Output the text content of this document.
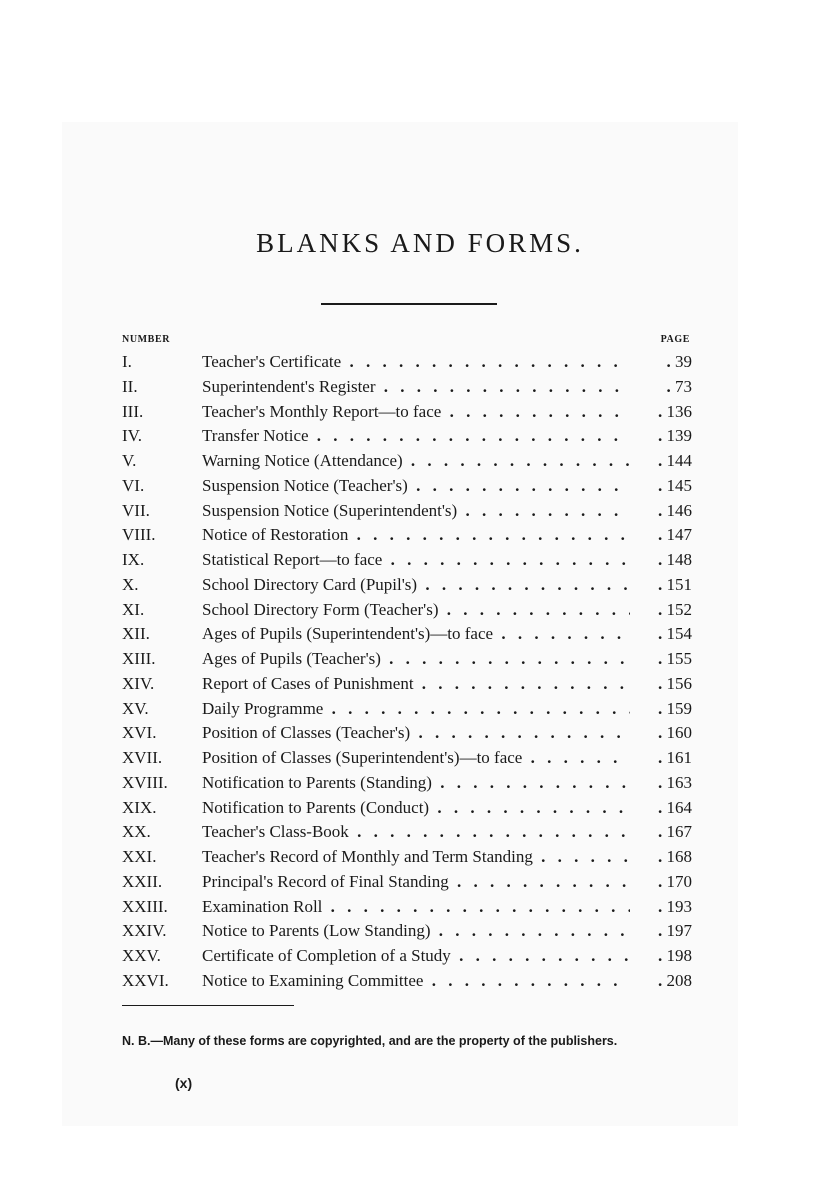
BLANKS AND FORMS.
NUMBER	PAGE
I.	Teacher's Certificate . .	. 39
II.	Superintendent's Register . .	. 73
III.	Teacher's Monthly Report—to face . .	. 136
IV.	Transfer Notice . .	. 139
V.	Warning Notice (Attendance) . .	. 144
VI.	Suspension Notice (Teacher's) . .	. 145
VII.	Suspension Notice (Superintendent's) . .	. 146
VIII.	Notice of Restoration . .	. 147
IX.	Statistical Report—to face . .	. 148
X.	School Directory Card (Pupil's) . .	. 151
XI.	School Directory Form (Teacher's) . .	. 152
XII.	Ages of Pupils (Superintendent's)—to face . .	. 154
XIII.	Ages of Pupils (Teacher's) . .	. 155
XIV.	Report of Cases of Punishment . .	. 156
XV.	Daily Programme . .	. 159
XVI.	Position of Classes (Teacher's) . .	. 160
XVII. Position of Classes (Superintendent's)—to face . .	. 161
XVIII. Notification to Parents (Standing) . .	. 163
XIX.	Notification to Parents (Conduct) . .	. 164
XX.	Teacher's Class-Book . .	. 167
XXI.	Teacher's Record of Monthly and Term Standing . .	. 168
XXII. Principal's Record of Final Standing . .	. 170
XXIII. Examination Roll . .	. 193
XXIV. Notice to Parents (Low Standing) . .	. 197
XXV. Certificate of Completion of a Study . .	. 198
XXVI. Notice to Examining Committee . .	. 208

N. B.—Many of these forms are copyrighted, and are the property of the publishers.

(x)
